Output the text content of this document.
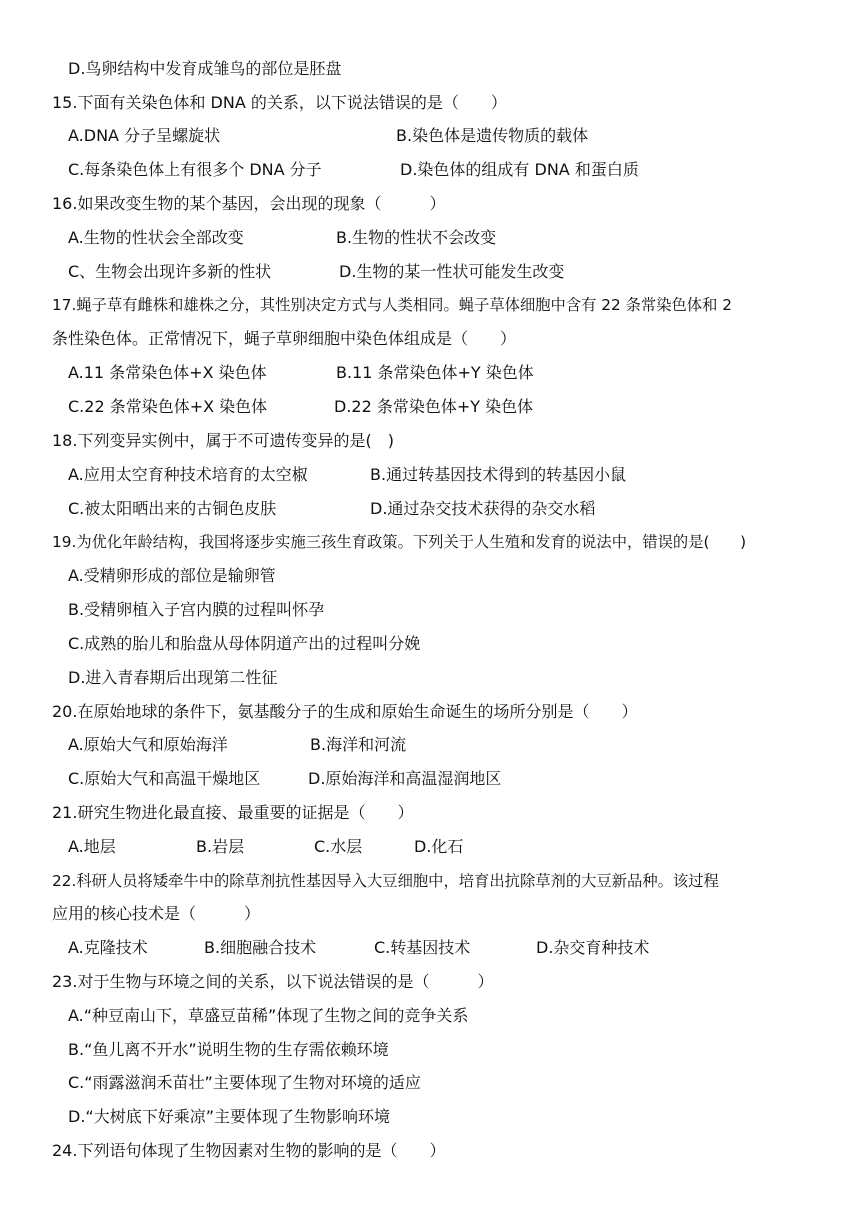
D.鸟卵结构中发育成雏鸟的部位是胚盘
15.下面有关染色体和 DNA 的关系，以下说法错误的是（　　）
A.DNA 分子呈螺旋状	B.染色体是遗传物质的载体
C.每条染色体上有很多个 DNA 分子	D.染色体的组成有 DNA 和蛋白质
16.如果改变生物的某个基因，会出现的现象（　　　）
A.生物的性状会全部改变	B.生物的性状不会改变
C、生物会出现许多新的性状	D.生物的某一性状可能发生改变
17.蝇子草有雌株和雄株之分，其性别决定方式与人类相同。蝇子草体细胞中含有 22 条常染色体和 2
条性染色体。正常情况下，蝇子草卵细胞中染色体组成是（　　）
A.11 条常染色体+X 染色体	B.11 条常染色体+Y 染色体
C.22 条常染色体+X 染色体	D.22 条常染色体+Y 染色体
18.下列变异实例中，属于不可遗传变异的是(　)
A.应用太空育种技术培育的太空椒	B.通过转基因技术得到的转基因小鼠
C.被太阳晒出来的古铜色皮肤	D.通过杂交技术获得的杂交水稻
19.为优化年龄结构，我国将逐步实施三孩生育政策。下列关于人生殖和发育的说法中，错误的是(　　)
A.受精卵形成的部位是输卵管
B.受精卵植入子宫内膜的过程叫怀孕
C.成熟的胎儿和胎盘从母体阴道产出的过程叫分娩
D.进入青春期后出现第二性征
20.在原始地球的条件下，氨基酸分子的生成和原始生命诞生的场所分别是（　　）
A.原始大气和原始海洋	B.海洋和河流
C.原始大气和高温干燥地区	D.原始海洋和高温湿润地区
21.研究生物进化最直接、最重要的证据是（　　）
A.地层	B.岩层	C.水层	D.化石
22.科研人员将矮牵牛中的除草剂抗性基因导入大豆细胞中，培育出抗除草剂的大豆新品种。该过程
应用的核心技术是（　　　）
A.克隆技术	B.细胞融合技术	C.转基因技术	D.杂交育种技术
23.对于生物与环境之间的关系，以下说法错误的是（　　　）
A.“种豆南山下，草盛豆苗稀”体现了生物之间的竞争关系
B.“鱼儿离不开水”说明生物的生存需依赖环境
C.“雨露滋润禾苗壮”主要体现了生物对环境的适应
D.“大树底下好乘凉”主要体现了生物影响环境
24.下列语句体现了生物因素对生物的影响的是（　　）
